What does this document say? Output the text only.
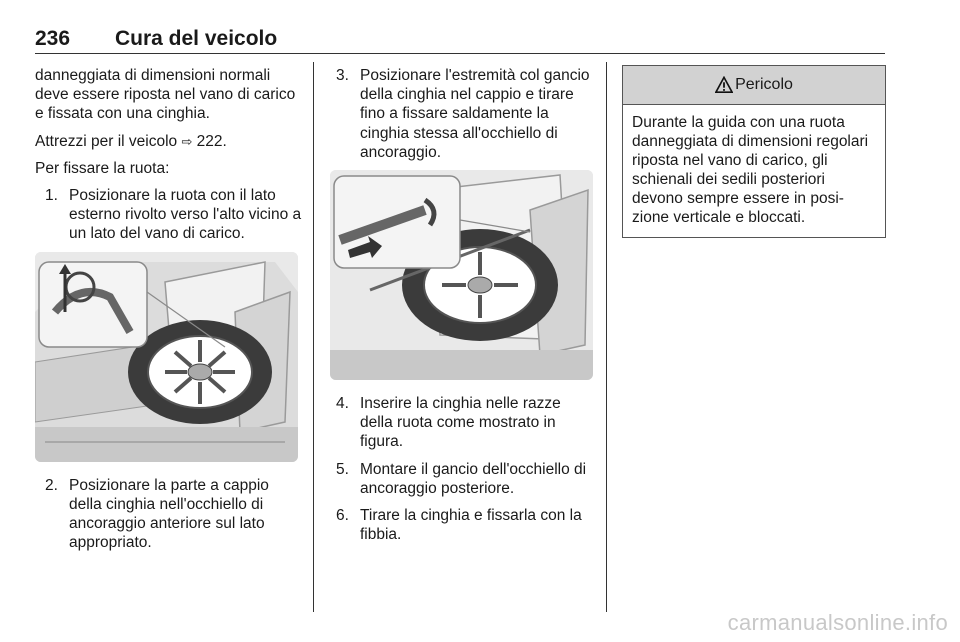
236 Cura del veicolo

danneggiata di dimensioni normali deve essere riposta nel vano di carico e fissata con una cinghia.

Attrezzi per il veicolo ⇨ 222.

Per fissare la ruota:

1. Posizionare la ruota con il lato esterno rivolto verso l'alto vicino a un lato del vano di carico.
2. Posizionare la parte a cappio della cinghia nell'occhiello di ancoraggio anteriore sul lato appropriato.
3. Posizionare l'estremità col gancio della cinghia nel cappio e tirare fino a fissare saldamente la cinghia stessa all'occhiello di ancoraggio.
4. Inserire la cinghia nelle razze della ruota come mostrato in figura.
5. Montare il gancio dell'occhiello di ancoraggio posteriore.
6. Tirare la cinghia e fissarla con la fibbia.
Pericolo
Durante la guida con una ruota danneggiata di dimensioni regolari riposta nel vano di carico, gli schienali dei sedili posteriori devono sempre essere in posi- zione verticale e bloccati.
carmanualsonline.info
